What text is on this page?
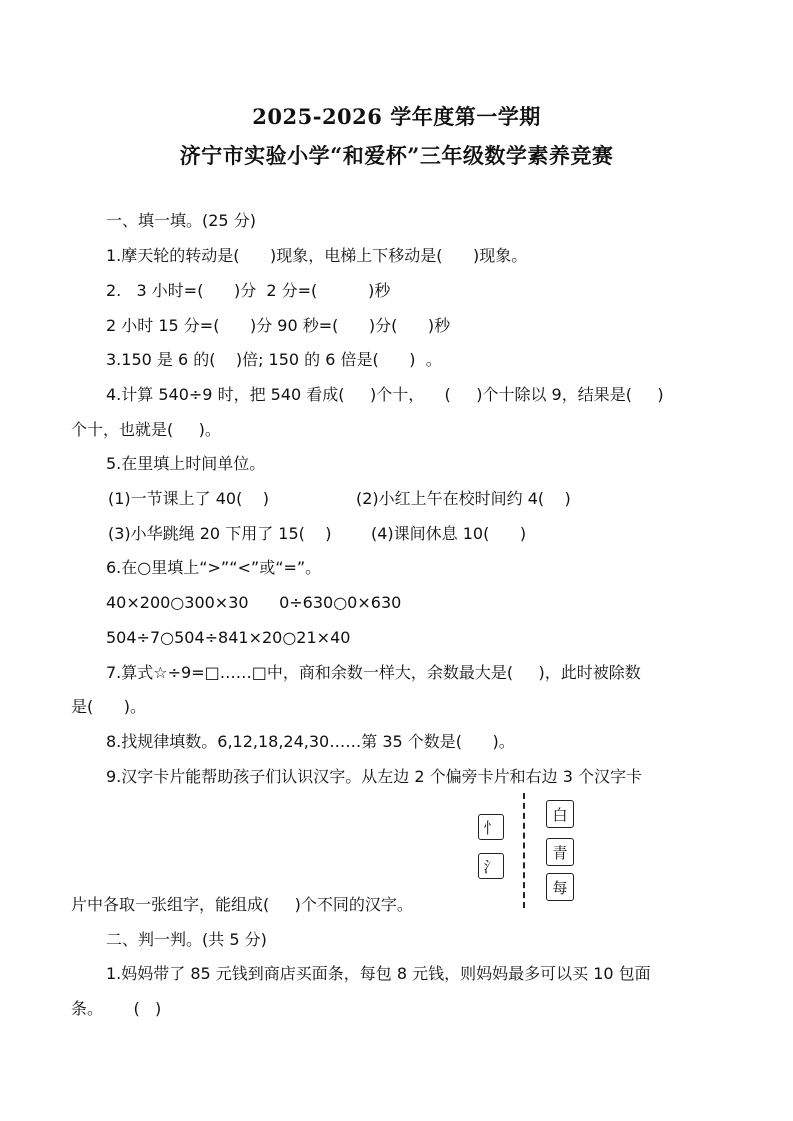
2025-2026 学年度第一学期
济宁市实验小学“和爱杯”三年级数学素养竞赛
一、填一填。(25 分)
1.摩天轮的转动是(      )现象，电梯上下移动是(      )现象。
2.   3 小时=(      )分  2 分=(          )秒
2 小时 15 分=(      )分 90 秒=(      )分(      )秒
3.150 是 6 的(    )倍; 150 的 6 倍是(      )  。
4.计算 540÷9 时，把 540 看成(     )个十，    (     )个十除以 9，结果是(     )
个十，也就是(     )。
5.在里填上时间单位。
(1)一节课上了 40(    )	(2)小红上午在校时间约 4(    )
(3)小华跳绳 20 下用了 15(    ) (4)课间休息 10(      )
6.在○里填上“>”“<”或“=”。
40×200○300×30      0÷630○0×630
504÷7○504÷841×20○21×40
7.算式☆÷9=□……□中，商和余数一样大，余数最大是(     )，此时被除数
是(      )。
8.找规律填数。6,12,18,24,30……第 35 个数是(      )。
9.汉字卡片能帮助孩子们认识汉字。从左边 2 个偏旁卡片和右边 3 个汉字卡
忄
氵
白
青
每
片中各取一张组字，能组成(     )个不同的汉字。
二、判一判。(共 5 分)
1.妈妈带了 85 元钱到商店买面条，每包 8 元钱，则妈妈最多可以买 10 包面
条。      (   )
